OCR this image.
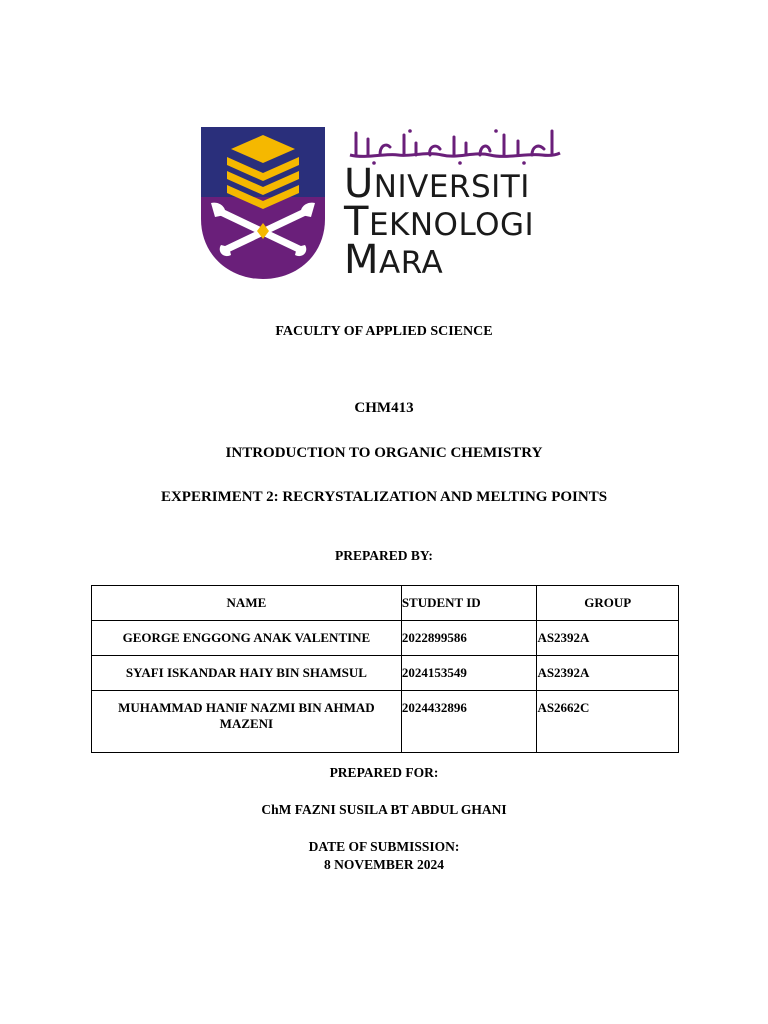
UNIVERSITI
TEKNOLOGI
MARA
FACULTY OF APPLIED SCIENCE
CHM413
INTRODUCTION TO ORGANIC CHEMISTRY
EXPERIMENT 2: RECRYSTALIZATION AND MELTING POINTS
PREPARED BY:
NAME	STUDENT ID	GROUP
GEORGE ENGGONG ANAK VALENTINE	2022899586	AS2392A
SYAFI ISKANDAR HAIY BIN SHAMSUL	2024153549	AS2392A

MUHAMMAD HANIF NAZMI BIN AHMAD
MAZENI	2024432896	AS2662C
PREPARED FOR:
ChM FAZNI SUSILA BT ABDUL GHANI
DATE OF SUBMISSION:
8 NOVEMBER 2024
